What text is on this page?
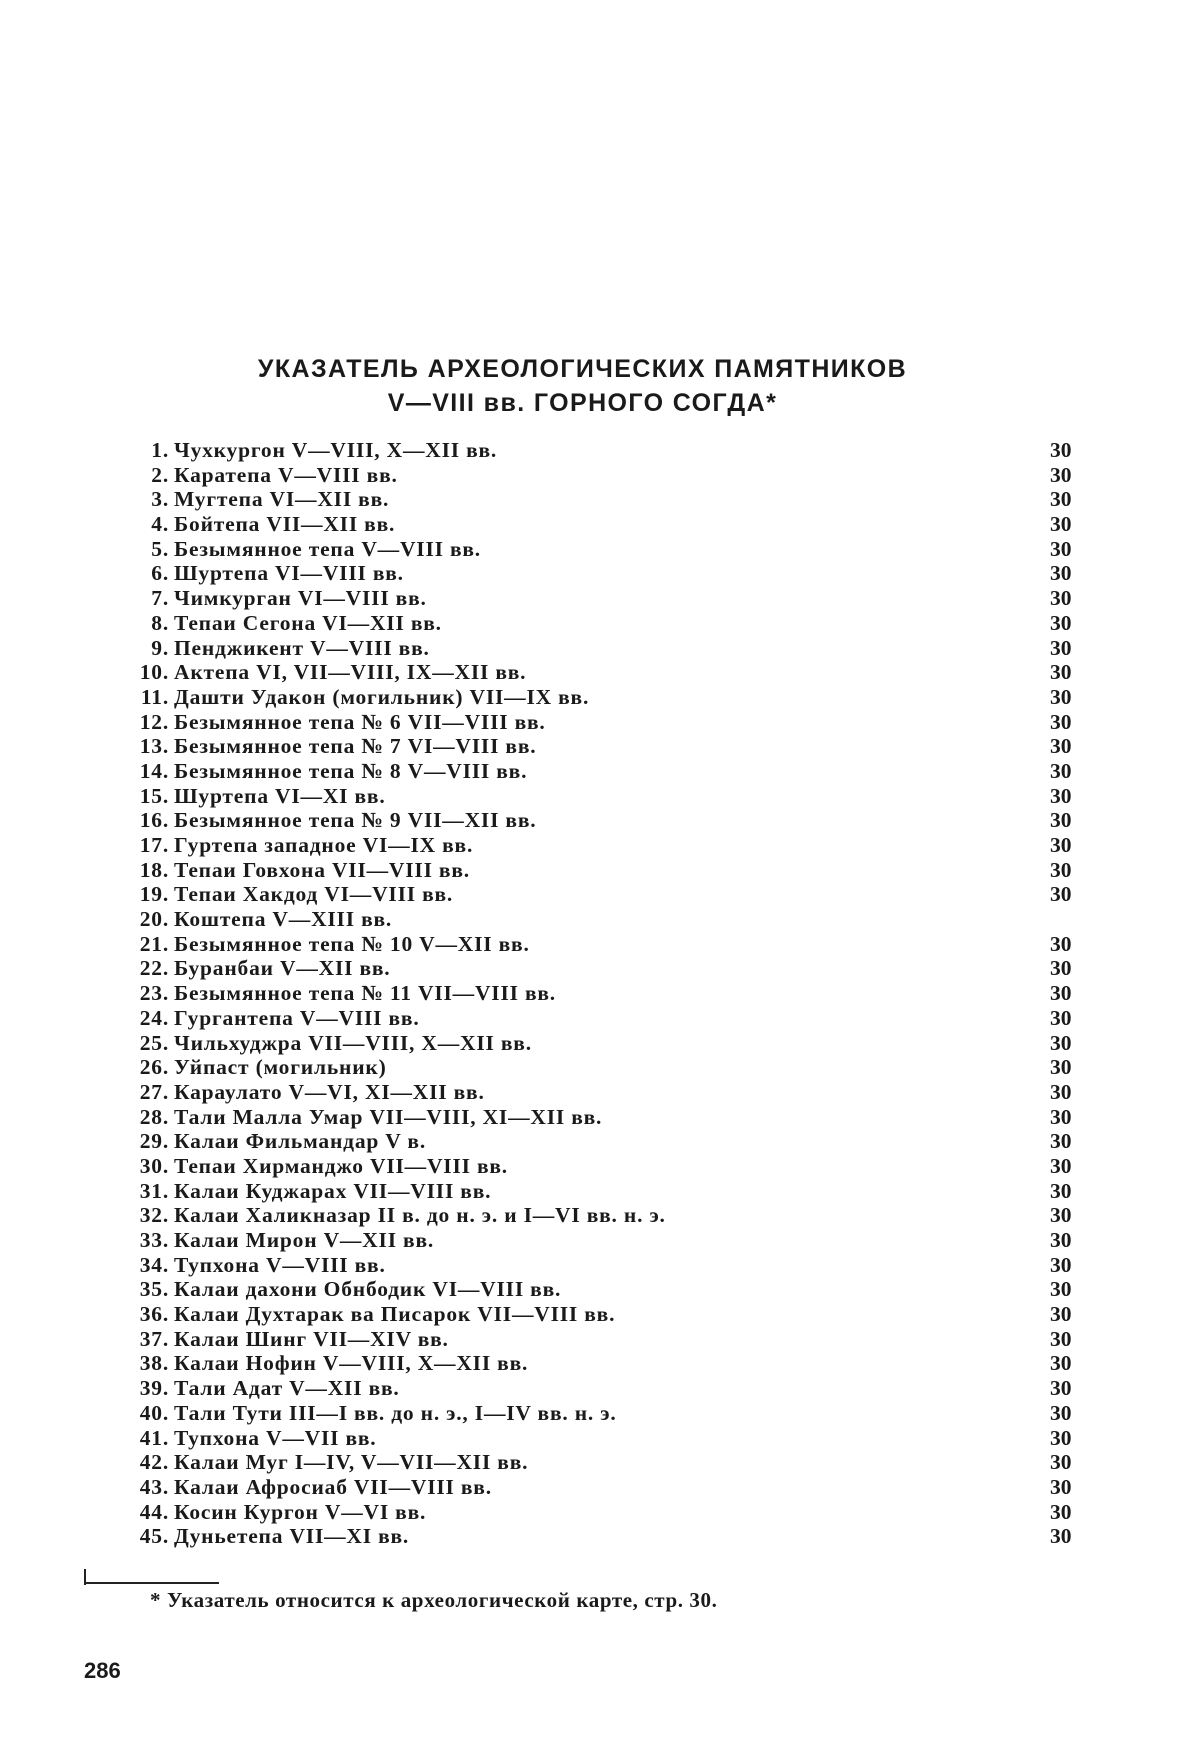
УКАЗАТЕЛЬ АРХЕОЛОГИЧЕСКИХ ПАМЯТНИКОВ
V—VIII вв. ГОРНОГО СОГДА*
1. Чухкургон V—VIII, X—XII вв.	30
2. Каратепа V—VIII вв.	30
3. Мугтепа VI—XII вв.	30
4. Бойтепа VII—XII вв.	30
5. Безымянное тепа V—VIII вв.	30
6. Шуртепа VI—VIII вв.	30
7. Чимкурган VI—VIII вв.	30
8. Тепаи Сегона VI—XII вв.	30
9. Пенджикент V—VIII вв.	30
10. Актепа VI, VII—VIII, IX—XII вв.	30
11. Дашти Удакон (могильник) VII—IX вв.	30
12. Безымянное тепа № 6 VII—VIII вв.	30
13. Безымянное тепа № 7 VI—VIII вв.	30
14. Безымянное тепа № 8 V—VIII вв.	30
15. Шуртепа VI—XI вв.	30
16. Безымянное тепа № 9 VII—XII вв.	30
17. Гуртепа западное VI—IX вв.	30
18. Тепаи Говхона VII—VIII вв.	30
19. Тепаи Хакдод VI—VIII вв.	30
20. Коштепа V—XIII вв.
21. Безымянное тепа № 10 V—XII вв.	30
22. Буранбаи V—XII вв.	30
23. Безымянное тепа № 11 VII—VIII вв.	30
24. Гургантепа V—VIII вв.	30
25. Чильхуджра VII—VIII, X—XII вв.	30
26. Уйпаст (могильник)	30
27. Караулато V—VI, XI—XII вв.	30
28. Тали Малла Умар VII—VIII, XI—XII вв.	30
29. Калаи Фильмандар V в.	30
30. Тепаи Хирманджо VII—VIII вв.	30
31. Калаи Куджарах VII—VIII вв.	30
32. Калаи Халикназар II в. до н. э. и I—VI вв. н. э.	30
33. Калаи Мирон V—XII вв.	30
34. Тупхона V—VIII вв.	30
35. Калаи дахони Обнбодик VI—VIII вв.	30
36. Калаи Духтарак ва Писарок VII—VIII вв.	30
37. Калаи Шинг VII—XIV вв.	30
38. Калаи Нофин V—VIII, X—XII вв.	30
39. Тали Адат V—XII вв.	30
40. Тали Тути III—I вв. до н. э., I—IV вв. н. э.	30
41. Тупхона V—VII вв.	30
42. Калаи Муг I—IV, V—VII—XII вв.	30
43. Калаи Афросиаб VII—VIII вв.	30
44. Косин Кургон V—VI вв.	30
45. Дуньетепа VII—XI вв.	30
* Указатель относится к археологической карте, стр. 30.
286
